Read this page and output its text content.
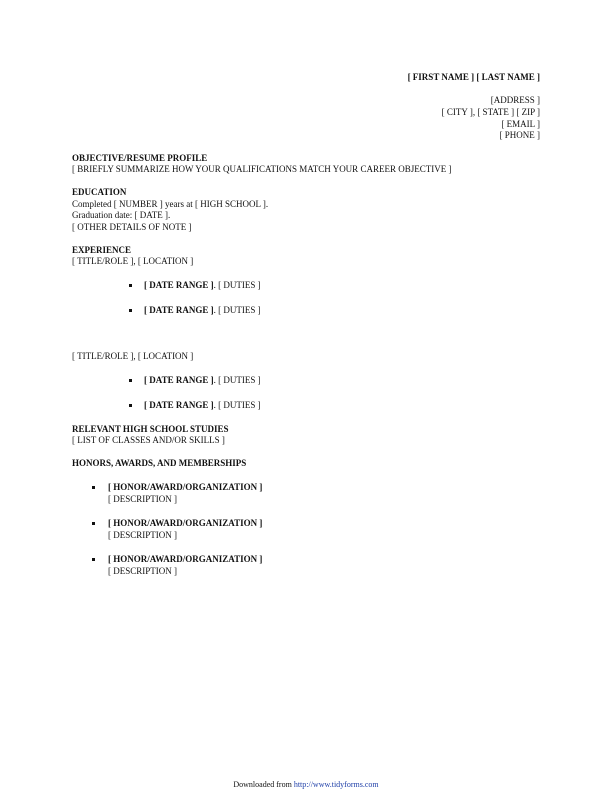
[ FIRST NAME ] [ LAST NAME ]
[ADDRESS ]
[ CITY ], [ STATE ] [ ZIP ]
[ EMAIL ]
[ PHONE ]
OBJECTIVE/RESUME PROFILE
[ BRIEFLY SUMMARIZE HOW YOUR QUALIFICATIONS MATCH YOUR CAREER OBJECTIVE ]
EDUCATION
Completed [ NUMBER ] years at [ HIGH SCHOOL ].
Graduation date: [ DATE ].
[ OTHER DETAILS OF NOTE ]
EXPERIENCE
[ TITLE/ROLE ], [ LOCATION ]
[ DATE RANGE ]. [ DUTIES ]
[ DATE RANGE ]. [ DUTIES ]
[ TITLE/ROLE ], [ LOCATION ]
[ DATE RANGE ]. [ DUTIES ]
[ DATE RANGE ]. [ DUTIES ]
RELEVANT HIGH SCHOOL STUDIES
[ LIST OF CLASSES AND/OR SKILLS ]
HONORS, AWARDS, AND MEMBERSHIPS
[ HONOR/AWARD/ORGANIZATION ]
[ DESCRIPTION ]
[ HONOR/AWARD/ORGANIZATION ]
[ DESCRIPTION ]
[ HONOR/AWARD/ORGANIZATION ]
[ DESCRIPTION ]
Downloaded from http://www.tidyforms.com
